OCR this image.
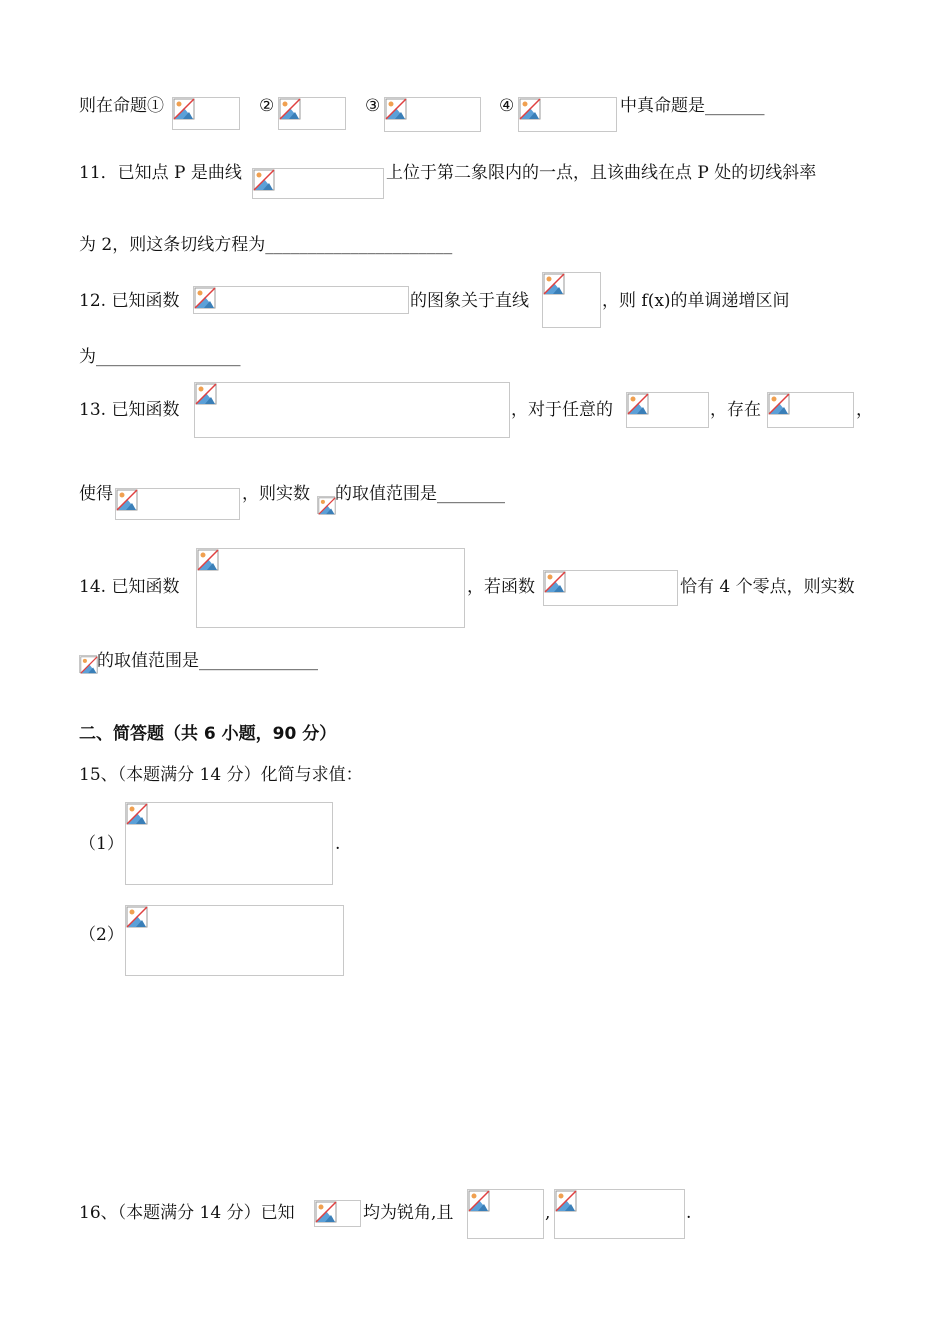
则在命题①	②	③	④	中真命题是_______
11．已知点 P 是曲线	上位于第二象限内的一点，且该曲线在点 P 处的切线斜率
为 2，则这条切线方程为______________________
12. 已知函数	的图象关于直线	，则 f(x)的单调递增区间
为_________________
13. 已知函数	，对于任意的	，存在	，
使得	，则实数 的取值范围是________
14. 已知函数	，若函数	恰有 4 个零点，则实数
的取值范围是______________
二、简答题（共 6 小题，90 分）
15、（本题满分 14 分）化简与求值：
（1）	.
（2）
16、（本题满分 14 分）已知	均为锐角,且	,	.
